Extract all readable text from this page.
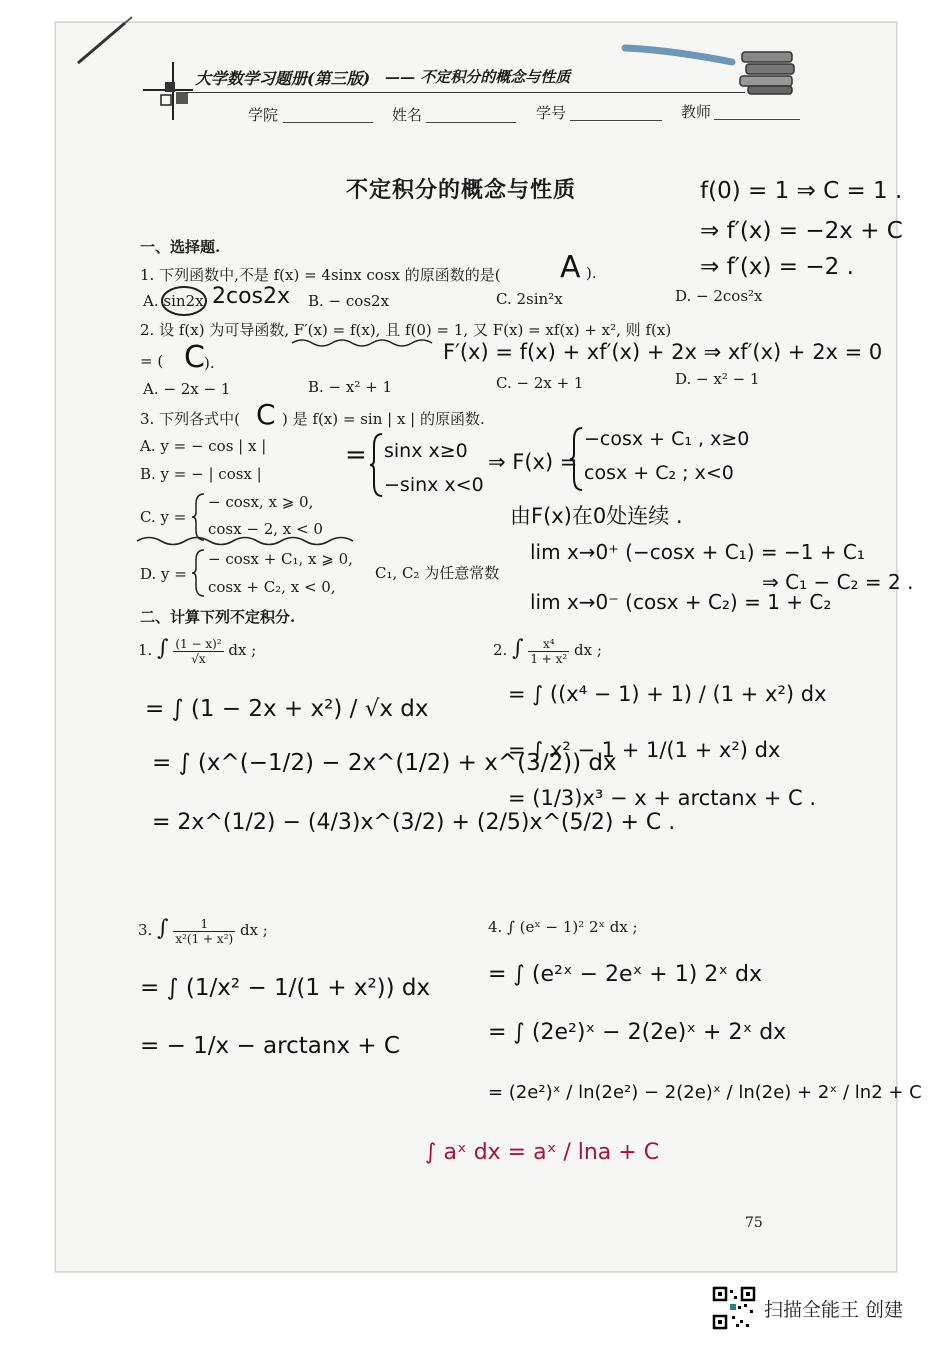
大学数学习题册(第三版) —— 不定积分的概念与性质
学院	姓名	学号	教师
不定积分的概念与性质	f(0) = 1 ⇒ C = 1 .
⇒ f′(x) = −2x + C
⇒ f′(x) = −2 .
一、选择题.
1. 下列函数中,不是 f(x) = 4sinx cosx 的原函数的是( A ).
A. sin2x 2cos2x B. − cos2x	C. 2sin²x	D. − 2cos²x
2. 设 f(x) 为可导函数, F′(x) = f(x), 且 f(0) = 1, 又 F(x) = xf(x) + x², 则 f(x)
= ( C ).	F′(x) = f(x) + xf′(x) + 2x ⇒ xf′(x) + 2x = 0
A. − 2x − 1	B. − x² + 1	C. − 2x + 1	D. − x² − 1
3. 下列各式中( C ) 是 f(x) = sin | x | 的原函数.
A. y = − cos | x |
B. y = − | cosx |
C. y =
− cosx, x ⩾ 0,
cosx − 2, x < 0
D. y =
− cosx + C₁, x ⩾ 0,
cosx + C₂, x < 0,
C₁, C₂ 为任意常数
= sinx x≥0
−sinx x<0
⇒ F(x) =
−cosx + C₁ , x≥0
cosx + C₂ ; x<0
由F(x)在0处连续 .
lim x→0⁺ (−cosx + C₁) = −1 + C₁
lim x→0⁻ (cosx + C₂) = 1 + C₂
⇒ C₁ − C₂ = 2 .
二、计算下列不定积分.
1. ∫ $\frac{\text{(1 − x)²}}{√x}$ dx ;
= ∫ (1 − 2x + x²) / √x dx
= ∫ (x^(−1/2) − 2x^(1/2) + x^(3/2)) dx
= 2x^(1/2) − (4/3)x^(3/2) + (2/5)x^(5/2) + C .
2. ∫ $\frac{\text{x⁴}}{\text{1 + x²}}$ dx ;
= ∫ ((x⁴ − 1) + 1) / (1 + x²) dx
= ∫ x² − 1 + 1/(1 + x²) dx
= (1/3)x³ − x + arctanx + C .
3. ∫ $\frac{1}{\text{x²(1 + x²)}}$ dx ;
= ∫ (1/x² − 1/(1 + x²)) dx
= − 1/x − arctanx + C
4. ∫ (eˣ − 1)² 2ˣ dx ;
= ∫ (e²ˣ − 2eˣ + 1) 2ˣ dx
= ∫ (2e²)ˣ − 2(2e)ˣ + 2ˣ dx
= (2e²)ˣ / ln(2e²) − 2(2e)ˣ / ln(2e) + 2ˣ / ln2 + C
∫ aˣ dx = aˣ / lna + C
75
扫描全能王 创建
